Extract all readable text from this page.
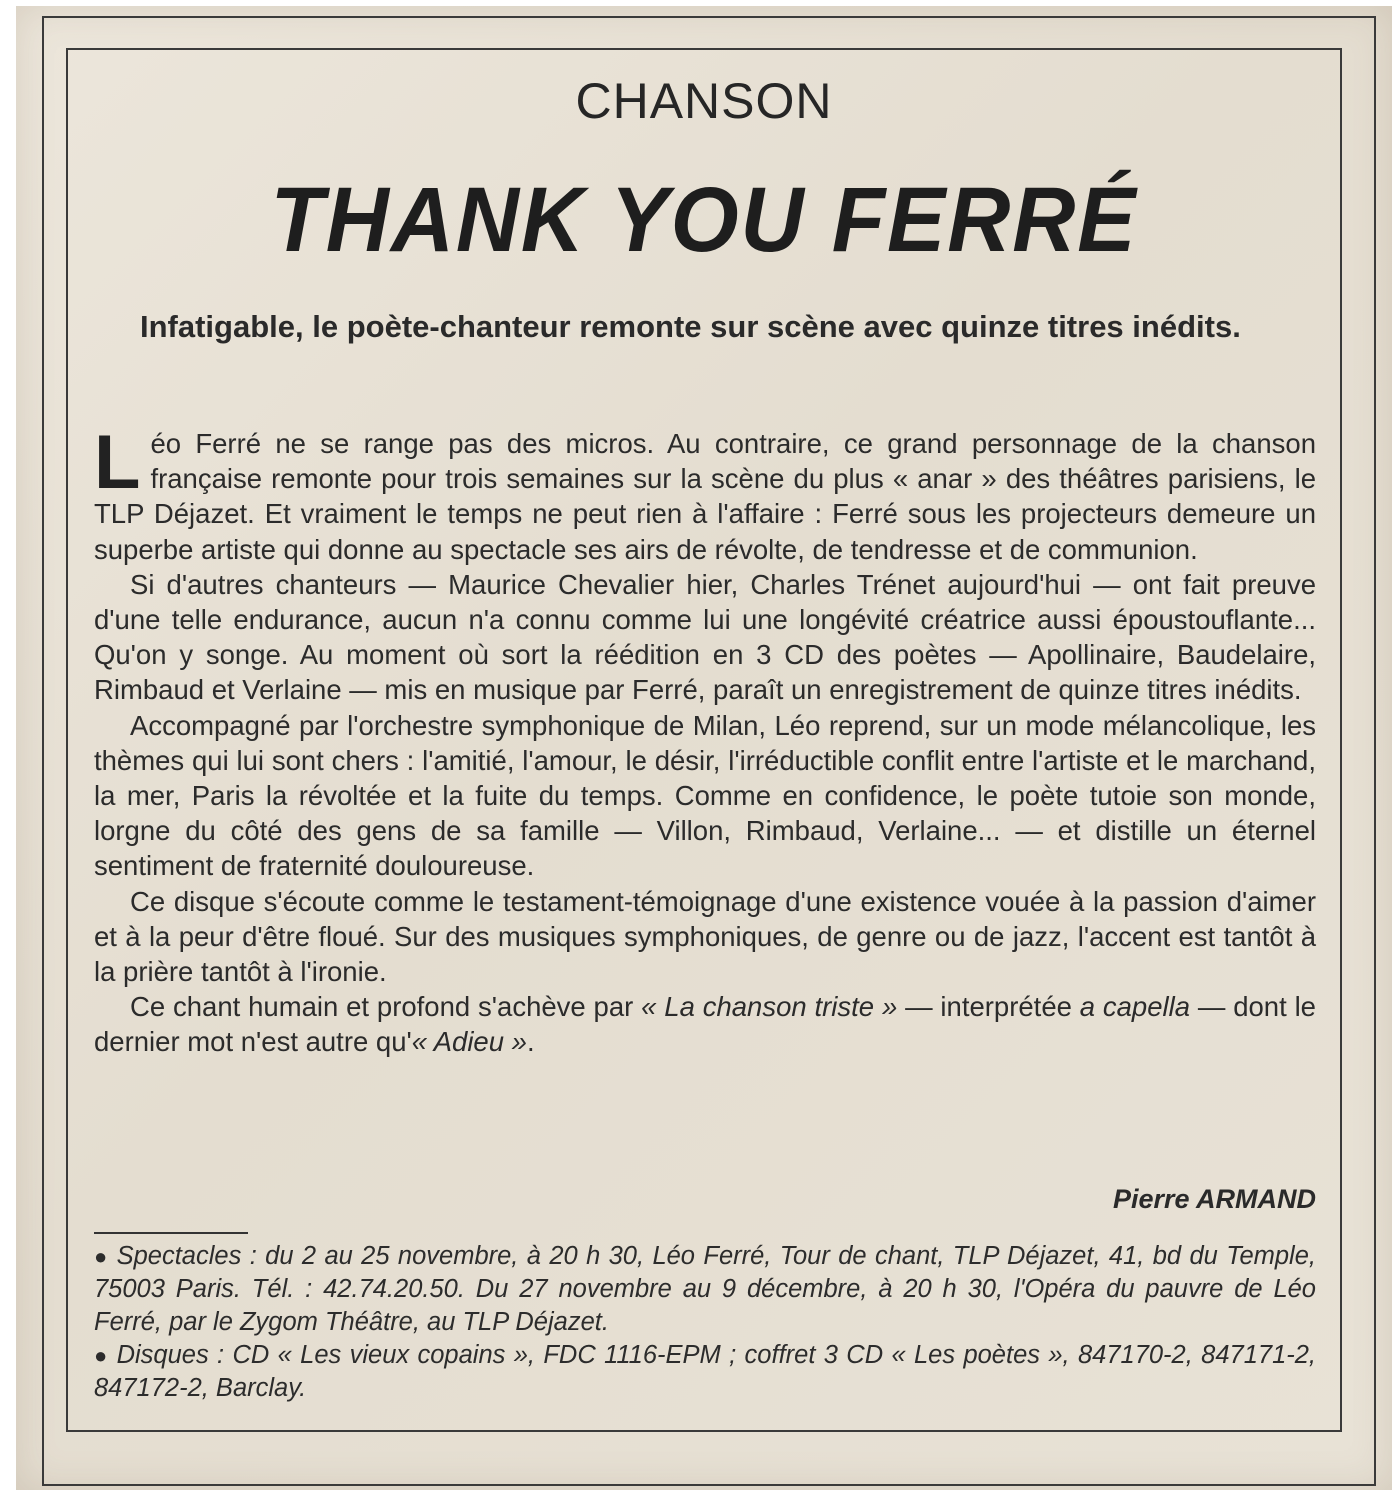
CHANSON
THANK YOU FERRÉ
Infatigable, le poète-chanteur remonte sur scène avec quinze titres inédits.

Léo Ferré ne se range pas des micros. Au contraire, ce grand personnage de la chanson française remonte pour trois semaines sur la scène du plus « anar » des théâtres parisiens, le TLP Déjazet. Et vraiment le temps ne peut rien à l'affaire : Ferré sous les projecteurs demeure un superbe artiste qui donne au spectacle ses airs de révolte, de tendresse et de communion.

Si d'autres chanteurs — Maurice Chevalier hier, Charles Trénet aujourd'hui — ont fait preuve d'une telle endurance, aucun n'a connu comme lui une longévité créatrice aussi époustouflante... Qu'on y songe. Au moment où sort la réédition en 3 CD des poètes — Apollinaire, Baudelaire, Rimbaud et Verlaine — mis en musique par Ferré, paraît un enregistrement de quinze titres inédits.

Accompagné par l'orchestre symphonique de Milan, Léo reprend, sur un mode mélancolique, les thèmes qui lui sont chers : l'amitié, l'amour, le désir, l'irréductible conflit entre l'artiste et le marchand, la mer, Paris la révoltée et la fuite du temps. Comme en confidence, le poète tutoie son monde, lorgne du côté des gens de sa famille — Villon, Rimbaud, Verlaine... — et distille un éternel sentiment de fraternité douloureuse.

Ce disque s'écoute comme le testament-témoignage d'une existence vouée à la passion d'aimer et à la peur d'être floué. Sur des musiques symphoniques, de genre ou de jazz, l'accent est tantôt à la prière tantôt à l'ironie.

Ce chant humain et profond s'achève par « La chanson triste » — interprétée a capella — dont le dernier mot n'est autre qu'« Adieu ».

Pierre ARMAND

● Spectacles : du 2 au 25 novembre, à 20 h 30, Léo Ferré, Tour de chant, TLP Déjazet, 41, bd du Temple, 75003 Paris. Tél. : 42.74.20.50. Du 27 novembre au 9 décembre, à 20 h 30, l'Opéra du pauvre de Léo Ferré, par le Zygom Théâtre, au TLP Déjazet.

● Disques : CD « Les vieux copains », FDC 1116-EPM ; coffret 3 CD « Les poètes », 847170-2, 847171-2, 847172-2, Barclay.
